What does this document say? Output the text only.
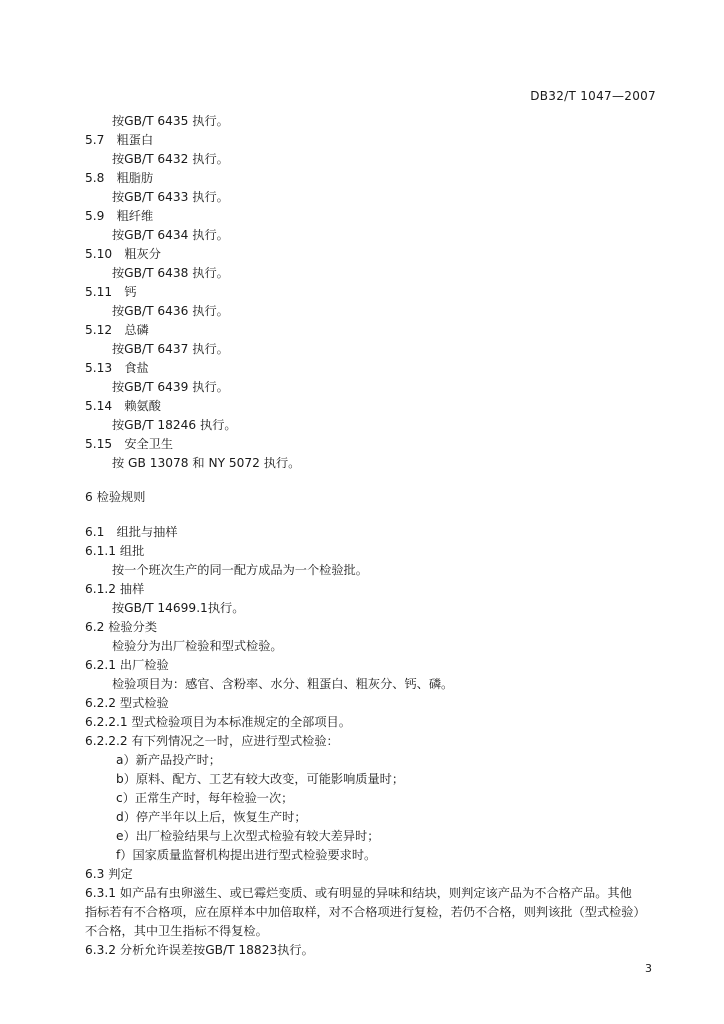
DB32/T 1047—2007
按GB/T 6435 执行。
5.7　粗蛋白
按GB/T 6432 执行。
5.8　粗脂肪
按GB/T 6433 执行。
5.9　粗纤维
按GB/T 6434 执行。
5.10　粗灰分
按GB/T 6438 执行。
5.11　钙
按GB/T 6436 执行。
5.12　总磷
按GB/T 6437 执行。
5.13　食盐
按GB/T 6439 执行。
5.14　赖氨酸
按GB/T 18246 执行。
5.15　安全卫生
按 GB 13078 和 NY 5072 执行。
6 检验规则
6.1　组批与抽样
6.1.1 组批
按一个班次生产的同一配方成品为一个检验批。
6.1.2 抽样
按GB/T 14699.1执行。
6.2 检验分类
检验分为出厂检验和型式检验。
6.2.1 出厂检验
检验项目为：感官、含粉率、水分、粗蛋白、粗灰分、钙、磷。
6.2.2 型式检验
6.2.2.1 型式检验项目为本标准规定的全部项目。
6.2.2.2 有下列情况之一时，应进行型式检验：
a）新产品投产时；
b）原料、配方、工艺有较大改变，可能影响质量时；
c）正常生产时，每年检验一次；
d）停产半年以上后，恢复生产时；
e）出厂检验结果与上次型式检验有较大差异时；
f）国家质量监督机构提出进行型式检验要求时。
6.3 判定
6.3.1 如产品有虫卵滋生、或已霉烂变质、或有明显的异味和结块，则判定该产品为不合格产品。其他
指标若有不合格项，应在原样本中加倍取样，对不合格项进行复检，若仍不合格，则判该批（型式检验）
不合格，其中卫生指标不得复检。
6.3.2 分析允许误差按GB/T 18823执行。
3
